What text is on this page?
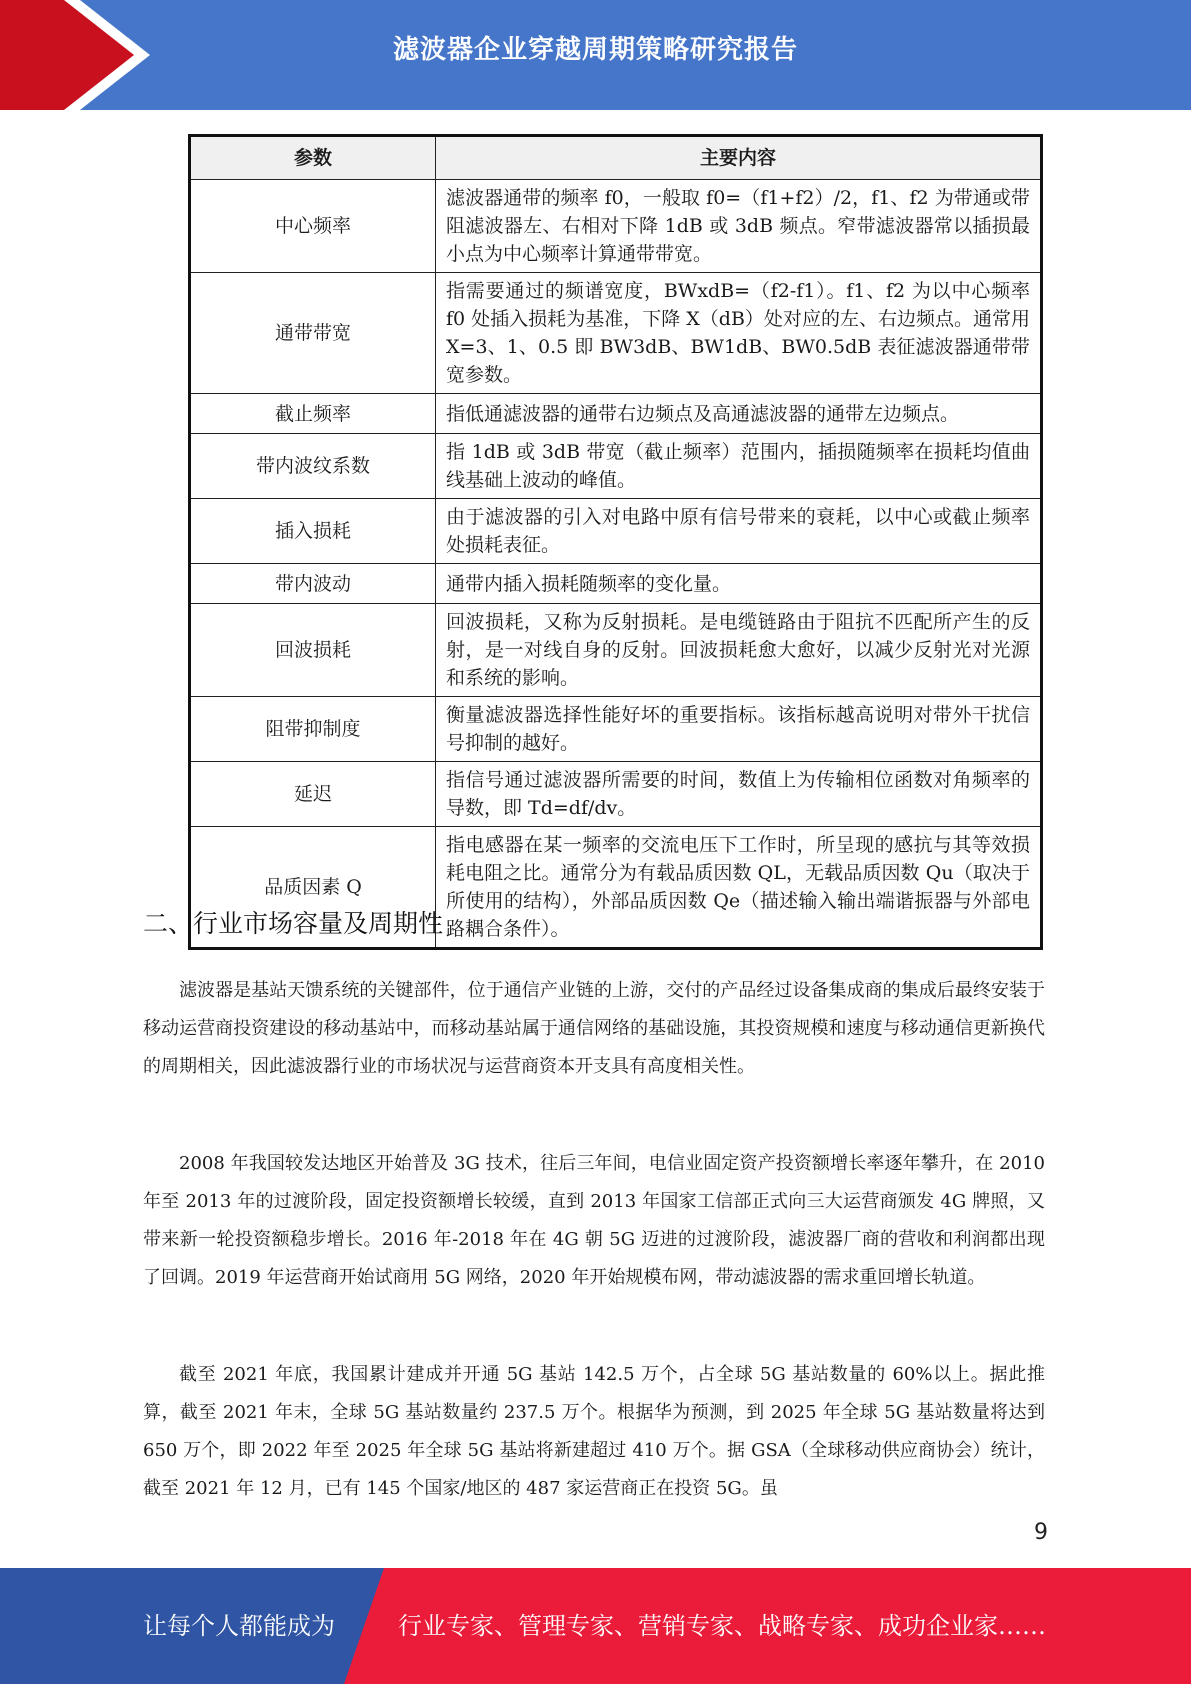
滤波器企业穿越周期策略研究报告
参数	主要内容
中心频率	滤波器通带的频率 f0，一般取 f0=（f1+f2）/2，f1、f2 为带通或带阻滤波器左、右相对下降 1dB 或 3dB 频点。窄带滤波器常以插损最小点为中心频率计算通带带宽。
通带带宽	指需要通过的频谱宽度，BWxdB=（f2-f1）。f1、f2 为以中心频率 f0 处插入损耗为基准，下降 X（dB）处对应的左、右边频点。通常用 X=3、1、0.5 即 BW3dB、BW1dB、BW0.5dB 表征滤波器通带带宽参数。
截止频率	指低通滤波器的通带右边频点及高通滤波器的通带左边频点。
带内波纹系数	指 1dB 或 3dB 带宽（截止频率）范围内，插损随频率在损耗均值曲线基础上波动的峰值。
插入损耗	由于滤波器的引入对电路中原有信号带来的衰耗，以中心或截止频率处损耗表征。
带内波动	通带内插入损耗随频率的变化量。
回波损耗	回波损耗，又称为反射损耗。是电缆链路由于阻抗不匹配所产生的反射，是一对线自身的反射。回波损耗愈大愈好，以减少反射光对光源和系统的影响。
阻带抑制度	衡量滤波器选择性能好坏的重要指标。该指标越高说明对带外干扰信号抑制的越好。
延迟	指信号通过滤波器所需要的时间，数值上为传输相位函数对角频率的导数，即 Td=df/dv。
品质因素 Q	指电感器在某一频率的交流电压下工作时，所呈现的感抗与其等效损耗电阻之比。通常分为有载品质因数 QL，无载品质因数 Qu（取决于所使用的结构），外部品质因数 Qe（描述输入输出端谐振器与外部电路耦合条件）。
二、行业市场容量及周期性

滤波器是基站天馈系统的关键部件，位于通信产业链的上游，交付的产品经过设备集成商的集成后最终安装于移动运营商投资建设的移动基站中，而移动基站属于通信网络的基础设施，其投资规模和速度与移动通信更新换代的周期相关，因此滤波器行业的市场状况与运营商资本开支具有高度相关性。

2008 年我国较发达地区开始普及 3G 技术，往后三年间，电信业固定资产投资额增长率逐年攀升，在 2010 年至 2013 年的过渡阶段，固定投资额增长较缓，直到 2013 年国家工信部正式向三大运营商颁发 4G 牌照，又带来新一轮投资额稳步增长。2016 年-2018 年在 4G 朝 5G 迈进的过渡阶段，滤波器厂商的营收和利润都出现了回调。2019 年运营商开始试商用 5G 网络，2020 年开始规模布网，带动滤波器的需求重回增长轨道。

截至 2021 年底，我国累计建成并开通 5G 基站 142.5 万个，占全球 5G 基站数量的 60%以上。据此推算，截至 2021 年末，全球 5G 基站数量约 237.5 万个。根据华为预测，到 2025 年全球 5G 基站数量将达到 650 万个，即 2022 年至 2025 年全球 5G 基站将新建超过 410 万个。据 GSA（全球移动供应商协会）统计，截至 2021 年 12 月，已有 145 个国家/地区的 487 家运营商正在投资 5G。虽

9
让每个人都能成为	行业专家、管理专家、营销专家、战略专家、成功企业家……
